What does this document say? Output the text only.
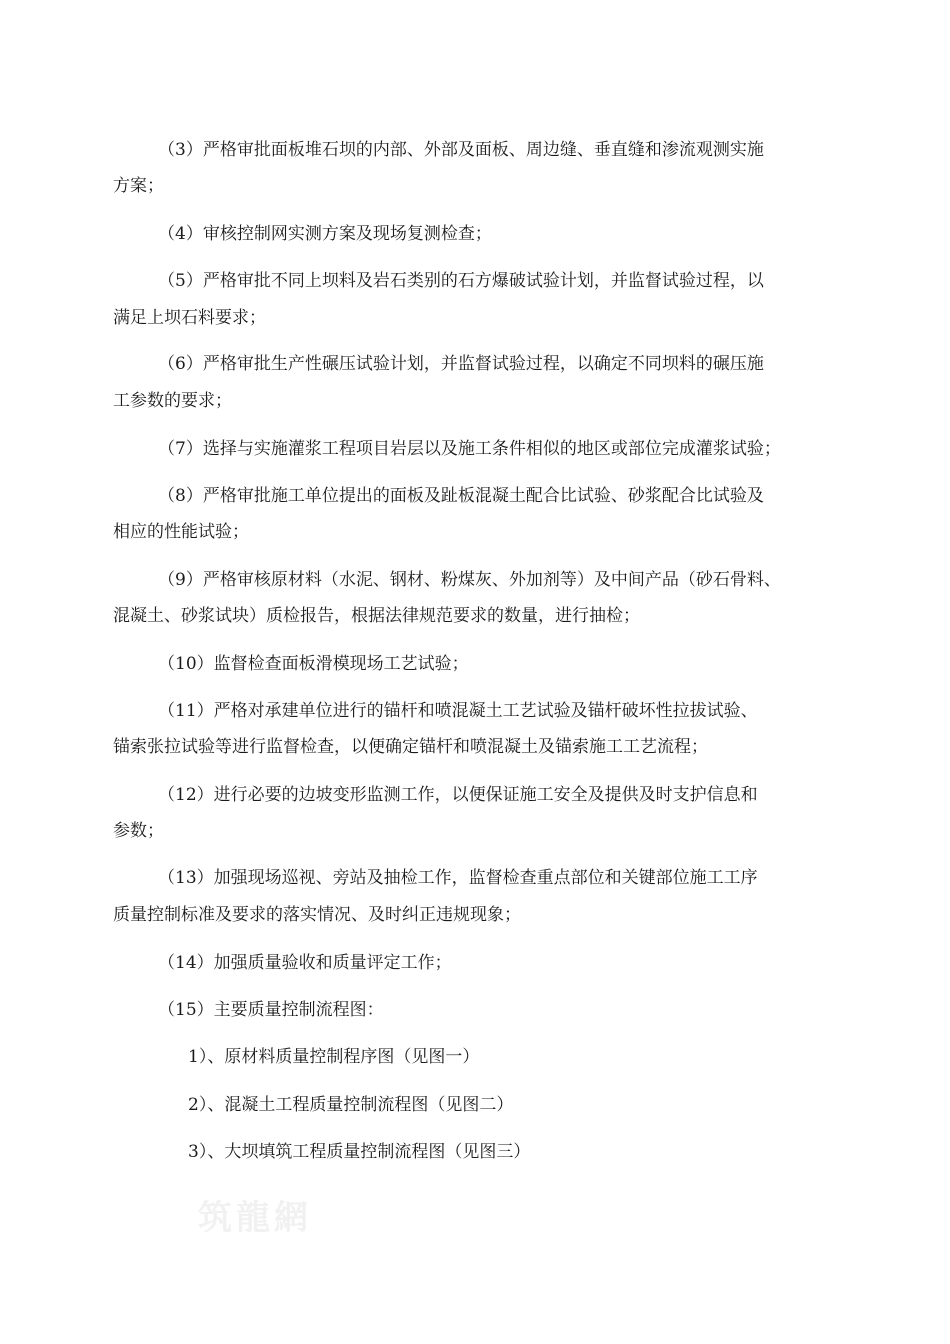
（3）严格审批面板堆石坝的内部、外部及面板、周边缝、垂直缝和渗流观测实施
方案；
（4）审核控制网实测方案及现场复测检查；
（5）严格审批不同上坝料及岩石类别的石方爆破试验计划，并监督试验过程，以
满足上坝石料要求；
（6）严格审批生产性碾压试验计划，并监督试验过程，以确定不同坝料的碾压施
工参数的要求；
（7）选择与实施灌浆工程项目岩层以及施工条件相似的地区或部位完成灌浆试验；
（8）严格审批施工单位提出的面板及趾板混凝土配合比试验、砂浆配合比试验及
相应的性能试验；
（9）严格审核原材料（水泥、钢材、粉煤灰、外加剂等）及中间产品（砂石骨料、
混凝土、砂浆试块）质检报告，根据法律规范要求的数量，进行抽检；
（10）监督检查面板滑模现场工艺试验；
（11）严格对承建单位进行的锚杆和喷混凝土工艺试验及锚杆破坏性拉拔试验、
锚索张拉试验等进行监督检查，以便确定锚杆和喷混凝土及锚索施工工艺流程；
（12）进行必要的边坡变形监测工作，以便保证施工安全及提供及时支护信息和
参数；
（13）加强现场巡视、旁站及抽检工作，监督检查重点部位和关键部位施工工序
质量控制标准及要求的落实情况、及时纠正违规现象；
（14）加强质量验收和质量评定工作；
（15）主要质量控制流程图：
1）、原材料质量控制程序图（见图一）
2）、混凝土工程质量控制流程图（见图二）
3）、大坝填筑工程质量控制流程图（见图三）
筑龍網
